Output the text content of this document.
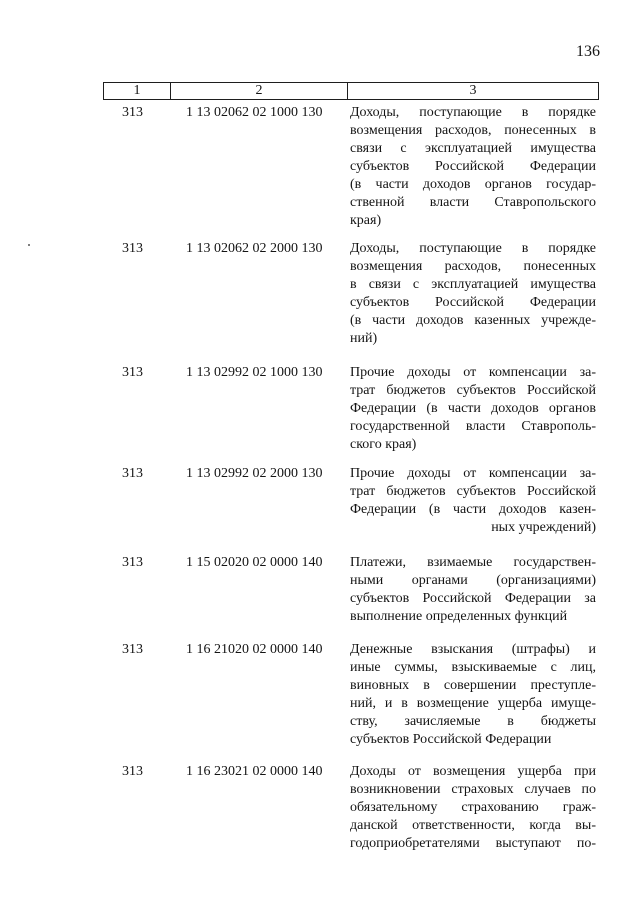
136
1	2	3
313	1 13 02062 02 1000 130	Доходы, поступающие в порядке
возмещения расходов, понесенных в
связи с эксплуатацией имущества
субъектов Российской Федерации
(в части доходов органов государ-
ственной власти Ставропольского
края)
313	1 13 02062 02 2000 130	Доходы, поступающие в порядке
возмещения расходов, понесенных
в связи с эксплуатацией имущества
субъектов Российской Федерации
(в части доходов казенных учрежде-
ний)
313	1 13 02992 02 1000 130	Прочие доходы от компенсации за-
трат бюджетов субъектов Российской
Федерации (в части доходов органов
государственной власти Ставрополь-
ского края)
313	1 13 02992 02 2000 130	Прочие доходы от компенсации за-
трат бюджетов субъектов Российской
Федерации (в части доходов казен-
ных учреждений)
313	1 15 02020 02 0000 140	Платежи, взимаемые государствен-
ными органами (организациями)
субъектов Российской Федерации за
выполнение определенных функций
313	1 16 21020 02 0000 140	Денежные взыскания (штрафы) и
иные суммы, взыскиваемые с лиц,
виновных в совершении преступле-
ний, и в возмещение ущерба имуще-
ству, зачисляемые в бюджеты
субъектов Российской Федерации
313	1 16 23021 02 0000 140	Доходы от возмещения ущерба при
возникновении страховых случаев по
обязательному страхованию граж-
данской ответственности, когда вы-
годоприобретателями выступают по-
